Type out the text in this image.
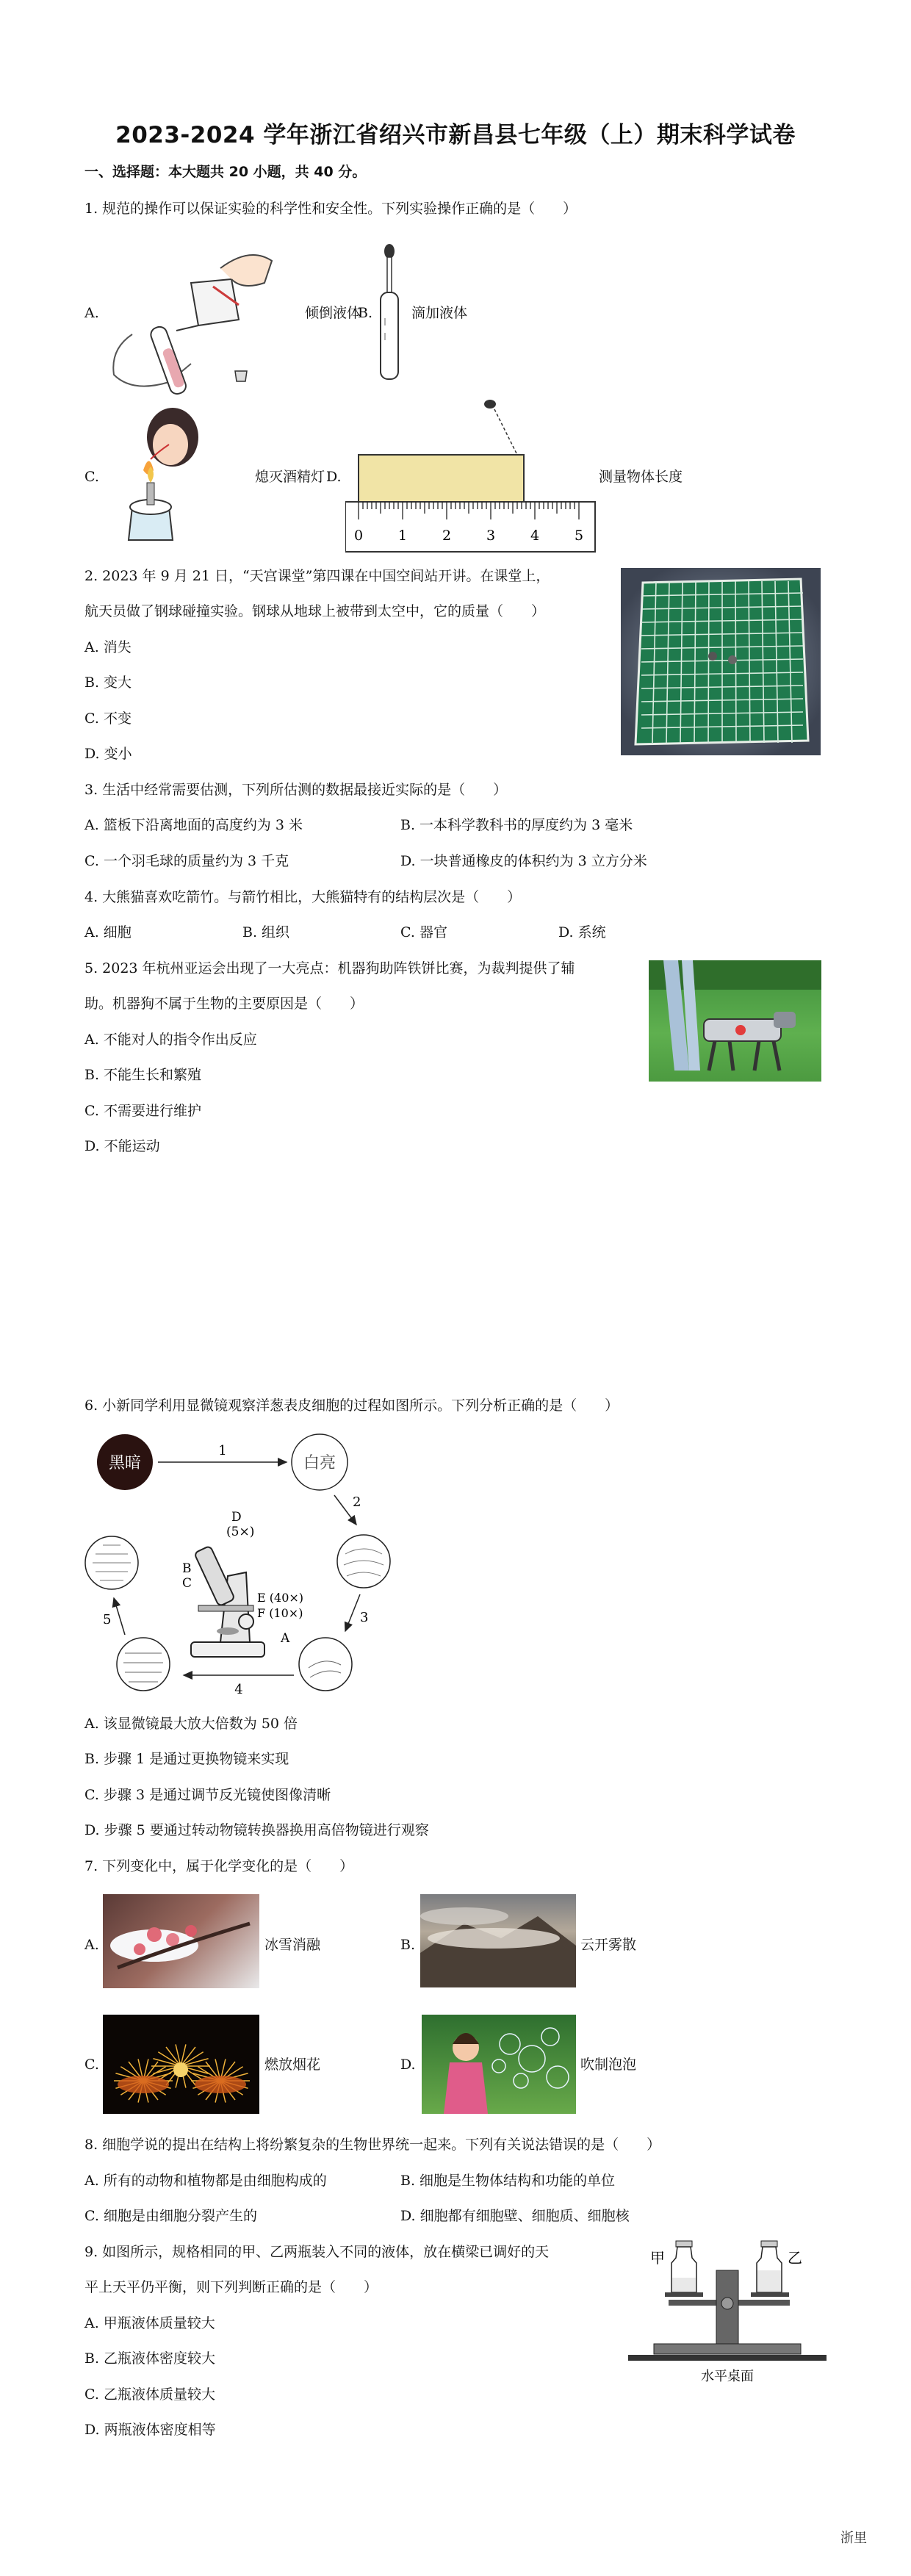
2023-2024 学年浙江省绍兴市新昌县七年级（上）期末科学试卷
一、选择题：本大题共 20 小题，共 40 分。
1. 规范的操作可以保证实验的科学性和安全性。下列实验操作正确的是（　　）
A.	倾倒液体
B.	滴加液体
C.	熄灭酒精灯 D.
0	1	2	3	4	5
测量物体长度
2. 2023 年 9 月 21 日，“天宫课堂”第四课在中国空间站开讲。在课堂上，
航天员做了钢球碰撞实验。钢球从地球上被带到太空中，它的质量（　　）
A. 消失
B. 变大
C. 不变
D. 变小
3. 生活中经常需要估测，下列所估测的数据最接近实际的是（　　）
A. 篮板下沿离地面的高度约为 3 米	B. 一本科学教科书的厚度约为 3 毫米
C. 一个羽毛球的质量约为 3 千克	D. 一块普通橡皮的体积约为 3 立方分米
4. 大熊猫喜欢吃箭竹。与箭竹相比，大熊猫特有的结构层次是（　　）
A. 细胞	B. 组织	C. 器官	D. 系统
5. 2023 年杭州亚运会出现了一大亮点：机器狗助阵铁饼比赛，为裁判提供了辅
助。机器狗不属于生物的主要原因是（　　）
A. 不能对人的指令作出反应
B. 不能生长和繁殖
C. 不需要进行维护
D. 不能运动
6. 小新同学利用显微镜观察洋葱表皮细胞的过程如图所示。下列分析正确的是（　　）
黑暗	白亮
1
2
3
4
5
B
C
D
(5×)
E (40×)
F (10×)
A
A. 该显微镜最大放大倍数为 50 倍
B. 步骤 1 是通过更换物镜来实现
C. 步骤 3 是通过调节反光镜使图像清晰
D. 步骤 5 要通过转动物镜转换器换用高倍物镜进行观察
7. 下列变化中，属于化学变化的是（　　）
A.	冰雪消融	B.	云开雾散
C.	燃放烟花	D.	吹制泡泡
8. 细胞学说的提出在结构上将纷繁复杂的生物世界统一起来。下列有关说法错误的是（　　）
A. 所有的动物和植物都是由细胞构成的	B. 细胞是生物体结构和功能的单位
C. 细胞是由细胞分裂产生的	D. 细胞都有细胞壁、细胞质、细胞核
9. 如图所示，规格相同的甲、乙两瓶装入不同的液体，放在横梁已调好的天
平上天平仍平衡，则下列判断正确的是（　　）
A. 甲瓶液体质量较大
B. 乙瓶液体密度较大
C. 乙瓶液体质量较大
D. 两瓶液体密度相等
甲	乙
水平桌面
浙里
